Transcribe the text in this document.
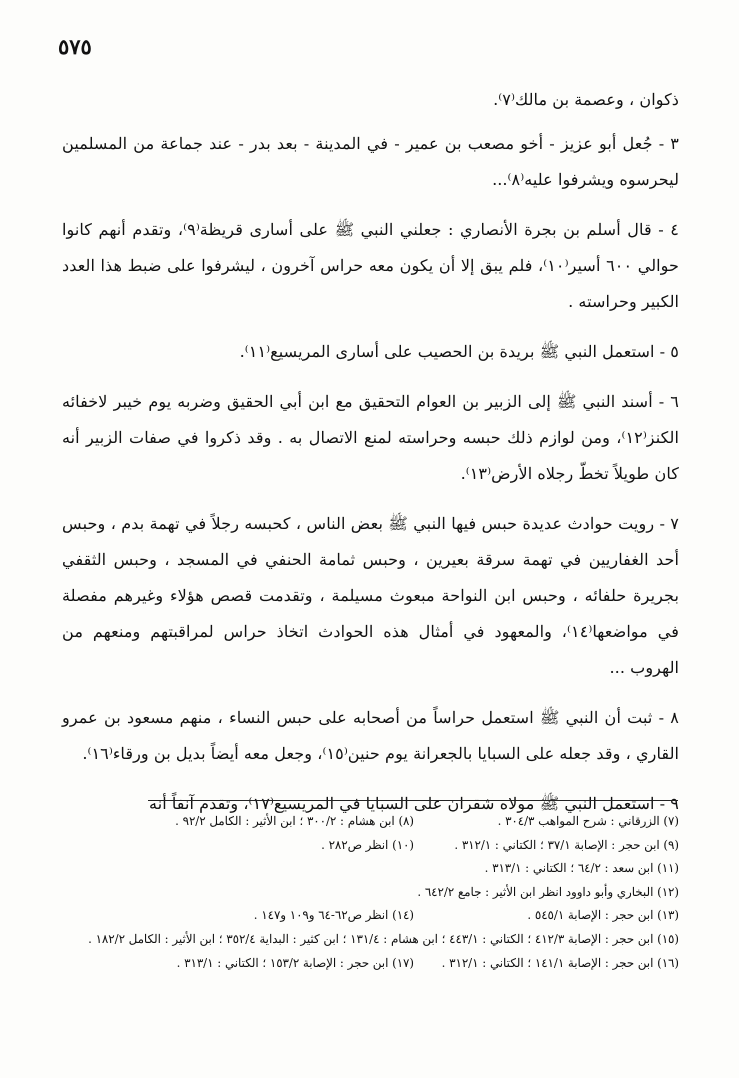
٥٧٥

ذكوان ، وعصمة بن مالك⁽٧⁾.

٣ - جُعل أبو عزيز - أخو مصعب بن عمير - في المدينة - بعد بدر - عند جماعة من المسلمين ليحرسوه ويشرفوا عليه⁽٨⁾...

٤ - قال أسلم بن بجرة الأنصاري : جعلني النبي ﷺ على أسارى قريظة⁽٩⁾، وتقدم أنهم كانوا حوالي ٦٠٠ أسير⁽١٠⁾، فلم يبق إلا أن يكون معه حراس آخرون ، ليشرفوا على ضبط هذا العدد الكبير وحراسته .

٥ - استعمل النبي ﷺ بريدة بن الحصيب على أسارى المريسيع⁽١١⁾.

٦ - أسند النبي ﷺ إلى الزبير بن العوام التحقيق مع ابن أبي الحقيق وضربه يوم خيبر لاخفائه الكنز⁽١٢⁾، ومن لوازم ذلك حبسه وحراسته لمنع الاتصال به . وقد ذكروا في صفات الزبير أنه كان طويلاً تخطّ رجلاه الأرض⁽١٣⁾.

٧ - رويت حوادث عديدة حبس فيها النبي ﷺ بعض الناس ، كحبسه رجلاً في تهمة بدم ، وحبس أحد الغفاريين في تهمة سرقة بعيرين ، وحبس ثمامة الحنفي في المسجد ، وحبس الثقفي بجريرة حلفائه ، وحبس ابن النواحة مبعوث مسيلمة ، وتقدمت قصص هؤلاء وغيرهم مفصلة في مواضعها⁽١٤⁾، والمعهود في أمثال هذه الحوادث اتخاذ حراس لمراقبتهم ومنعهم من الهروب ...

٨ - ثبت أن النبي ﷺ استعمل حراساً من أصحابه على حبس النساء ، منهم مسعود بن عمرو القاري ، وقد جعله على السبايا بالجعرانة يوم حنين⁽١٥⁾، وجعل معه أيضاً بديل بن ورقاء⁽١٦⁾.

٩ - استعمل النبي ﷺ مولاه شقران على السبايا في المريسيع⁽١٧⁾، وتقدم آنفاً أنه

(٧) الزرقاني : شرح المواهب ٣٠٤/٣ .
(٨) ابن هشام : ٣٠٠/٢ ؛ ابن الأثير : الكامل ٩٢/٢ .
(٩) ابن حجر : الإصابة ٣٧/١ ؛ الكتاني : ٣١٢/١ .
(١٠) انظر ص٢٨٢ .
(١١) ابن سعد : ٦٤/٢ ؛ الكتاني : ٣١٣/١ .
(١٢) البخاري وأبو داوود انظر ابن الأثير : جامع ٦٤٢/٢ .
(١٣) ابن حجر : الإصابة ٥٤٥/١ .
(١٤) انظر ص٦٢-٦٤ و١٠٩ و١٤٧ .
(١٥) ابن حجر : الإصابة ٤١٢/٣ ؛ الكتاني : ٤٤٣/١ ؛ ابن هشام : ١٣١/٤ ؛ ابن كثير : البداية ٣٥٢/٤ ؛ ابن الأثير : الكامل ١٨٢/٢ .
(١٦) ابن حجر : الإصابة ١٤١/١ ؛ الكتاني : ٣١٢/١ .
(١٧) ابن حجر : الإصابة ١٥٣/٢ ؛ الكتاني : ٣١٣/١ .
